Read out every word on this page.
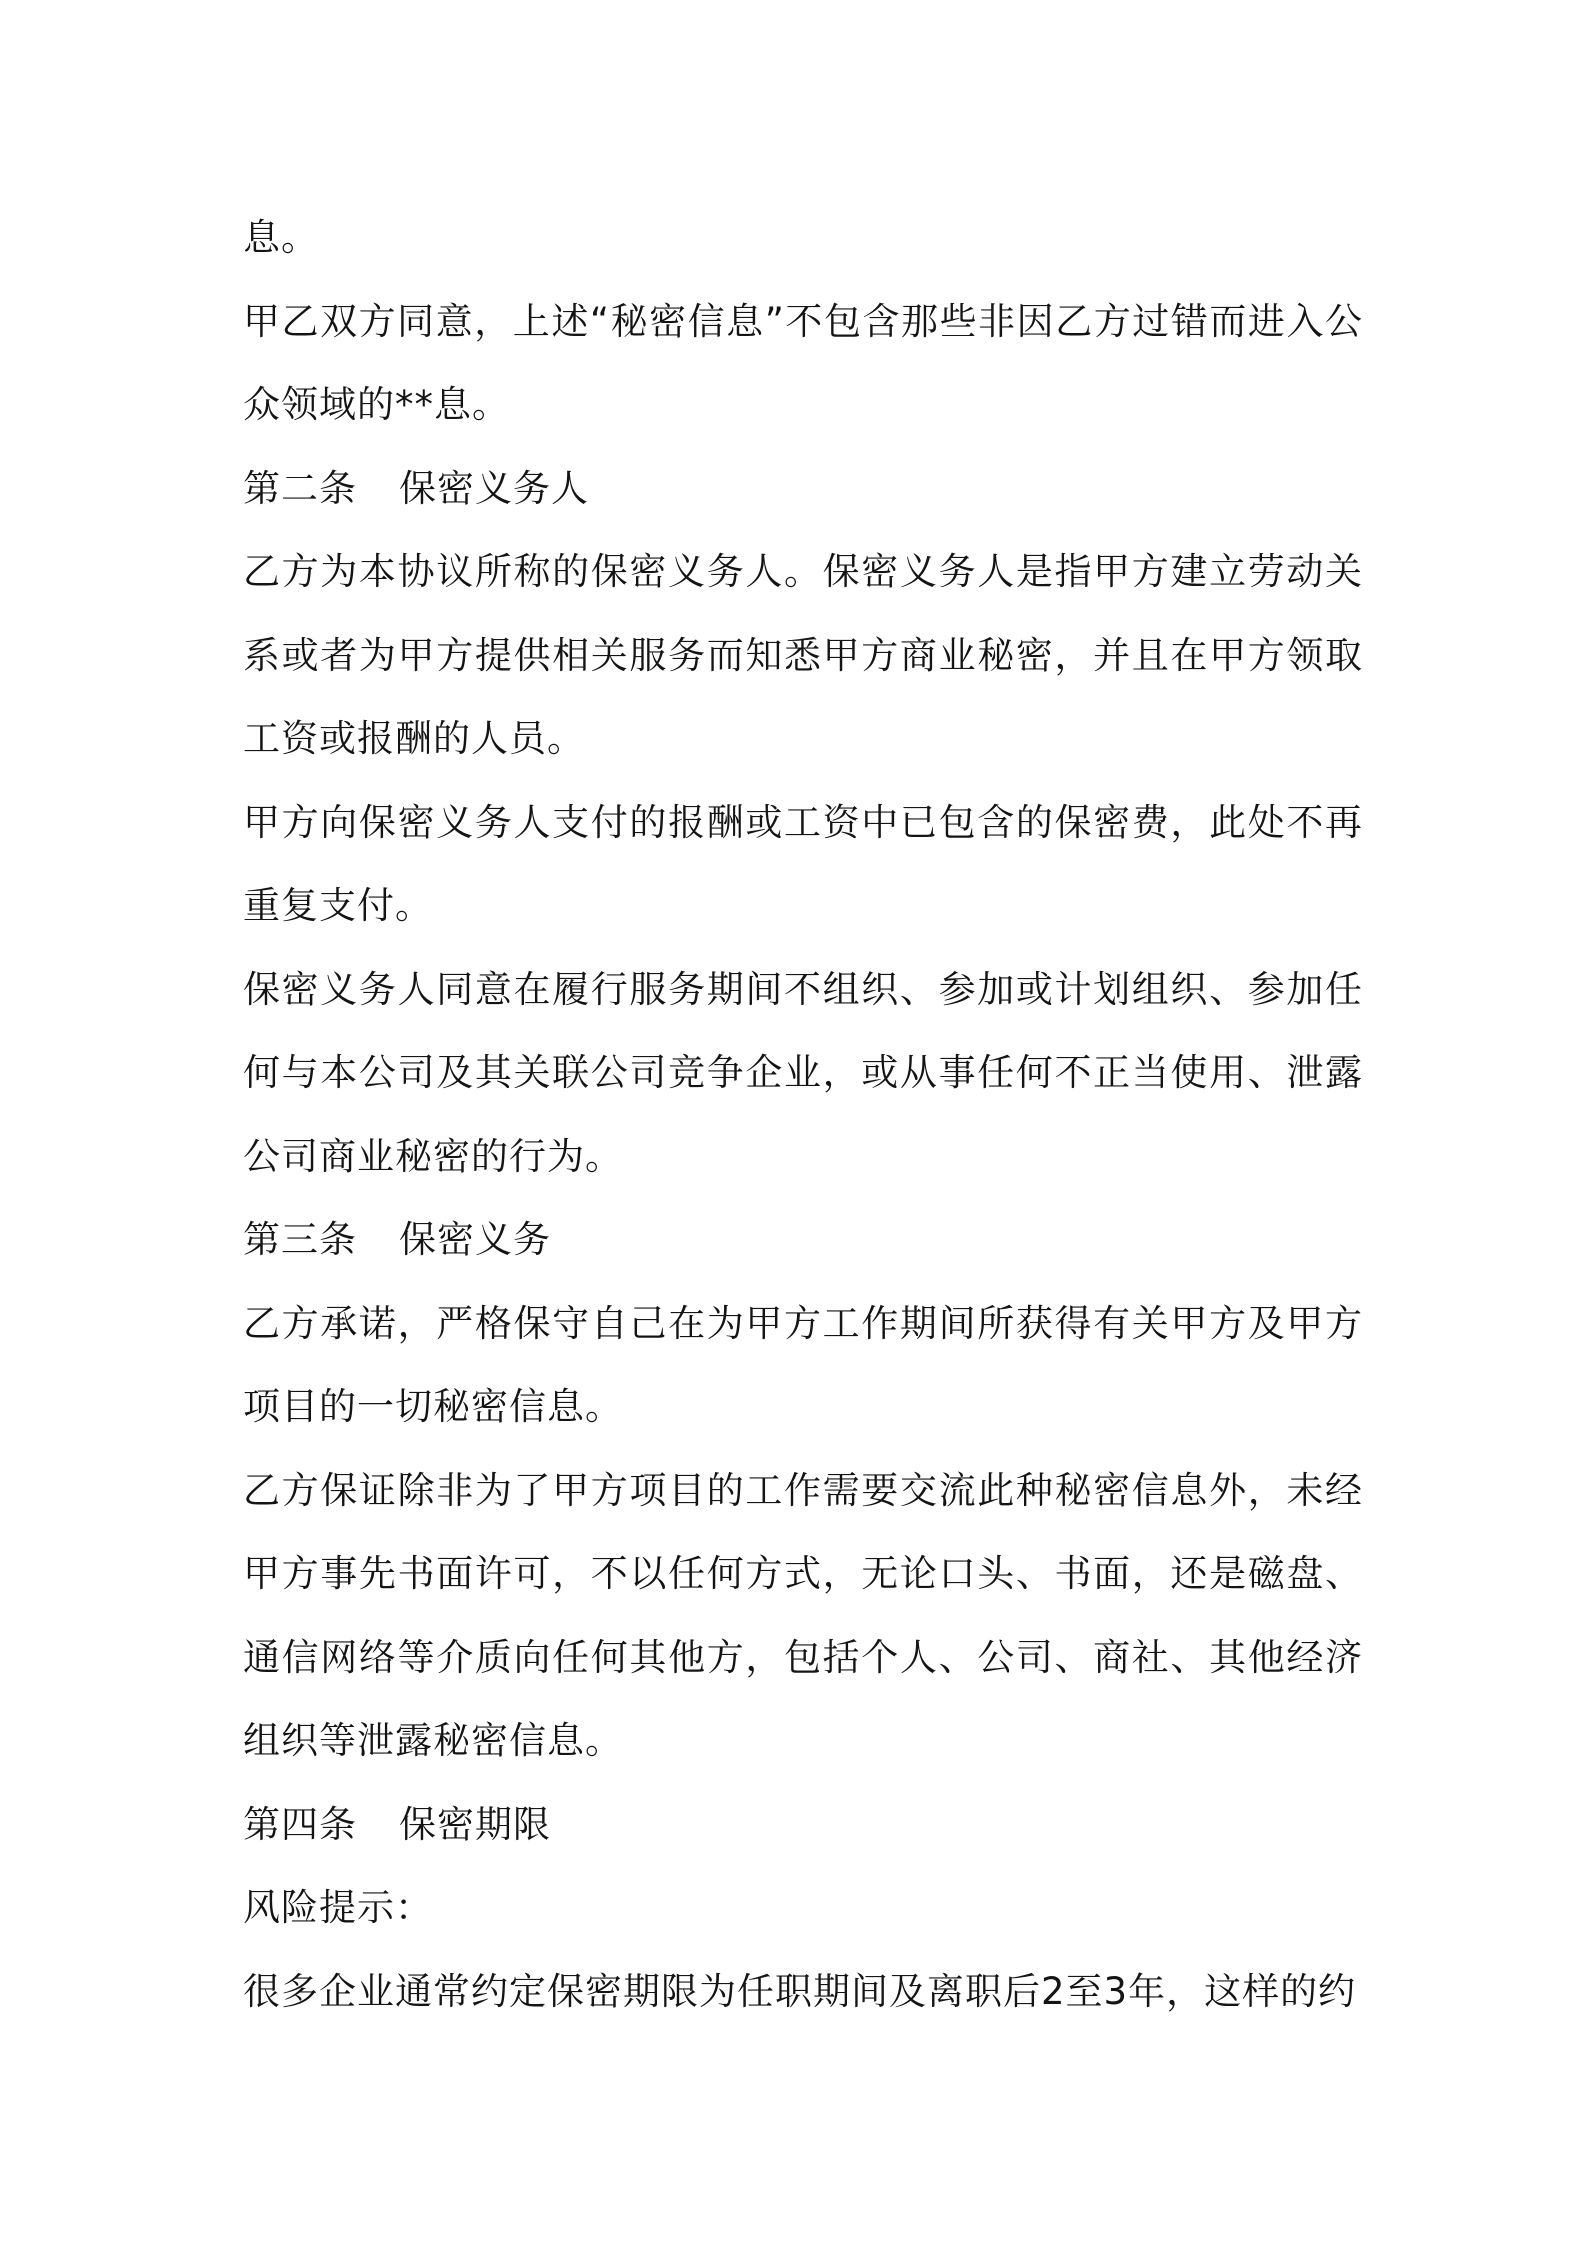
息。

甲乙双方同意，上述“秘密信息”不包含那些非因乙方过错而进入公众领域的**息。

第二条 保密义务人

乙方为本协议所称的保密义务人。保密义务人是指甲方建立劳动关系或者为甲方提供相关服务而知悉甲方商业秘密，并且在甲方领取工资或报酬的人员。

甲方向保密义务人支付的报酬或工资中已包含的保密费，此处不再重复支付。

保密义务人同意在履行服务期间不组织、参加或计划组织、参加任何与本公司及其关联公司竞争企业，或从事任何不正当使用、泄露公司商业秘密的行为。

第三条 保密义务

乙方承诺，严格保守自己在为甲方工作期间所获得有关甲方及甲方项目的一切秘密信息。

乙方保证除非为了甲方项目的工作需要交流此种秘密信息外，未经甲方事先书面许可，不以任何方式，无论口头、书面，还是磁盘、通信网络等介质向任何其他方，包括个人、公司、商社、其他经济组织等泄露秘密信息。

第四条 保密期限

风险提示：

很多企业通常约定保密期限为任职期间及离职后2至3年，这样的约
